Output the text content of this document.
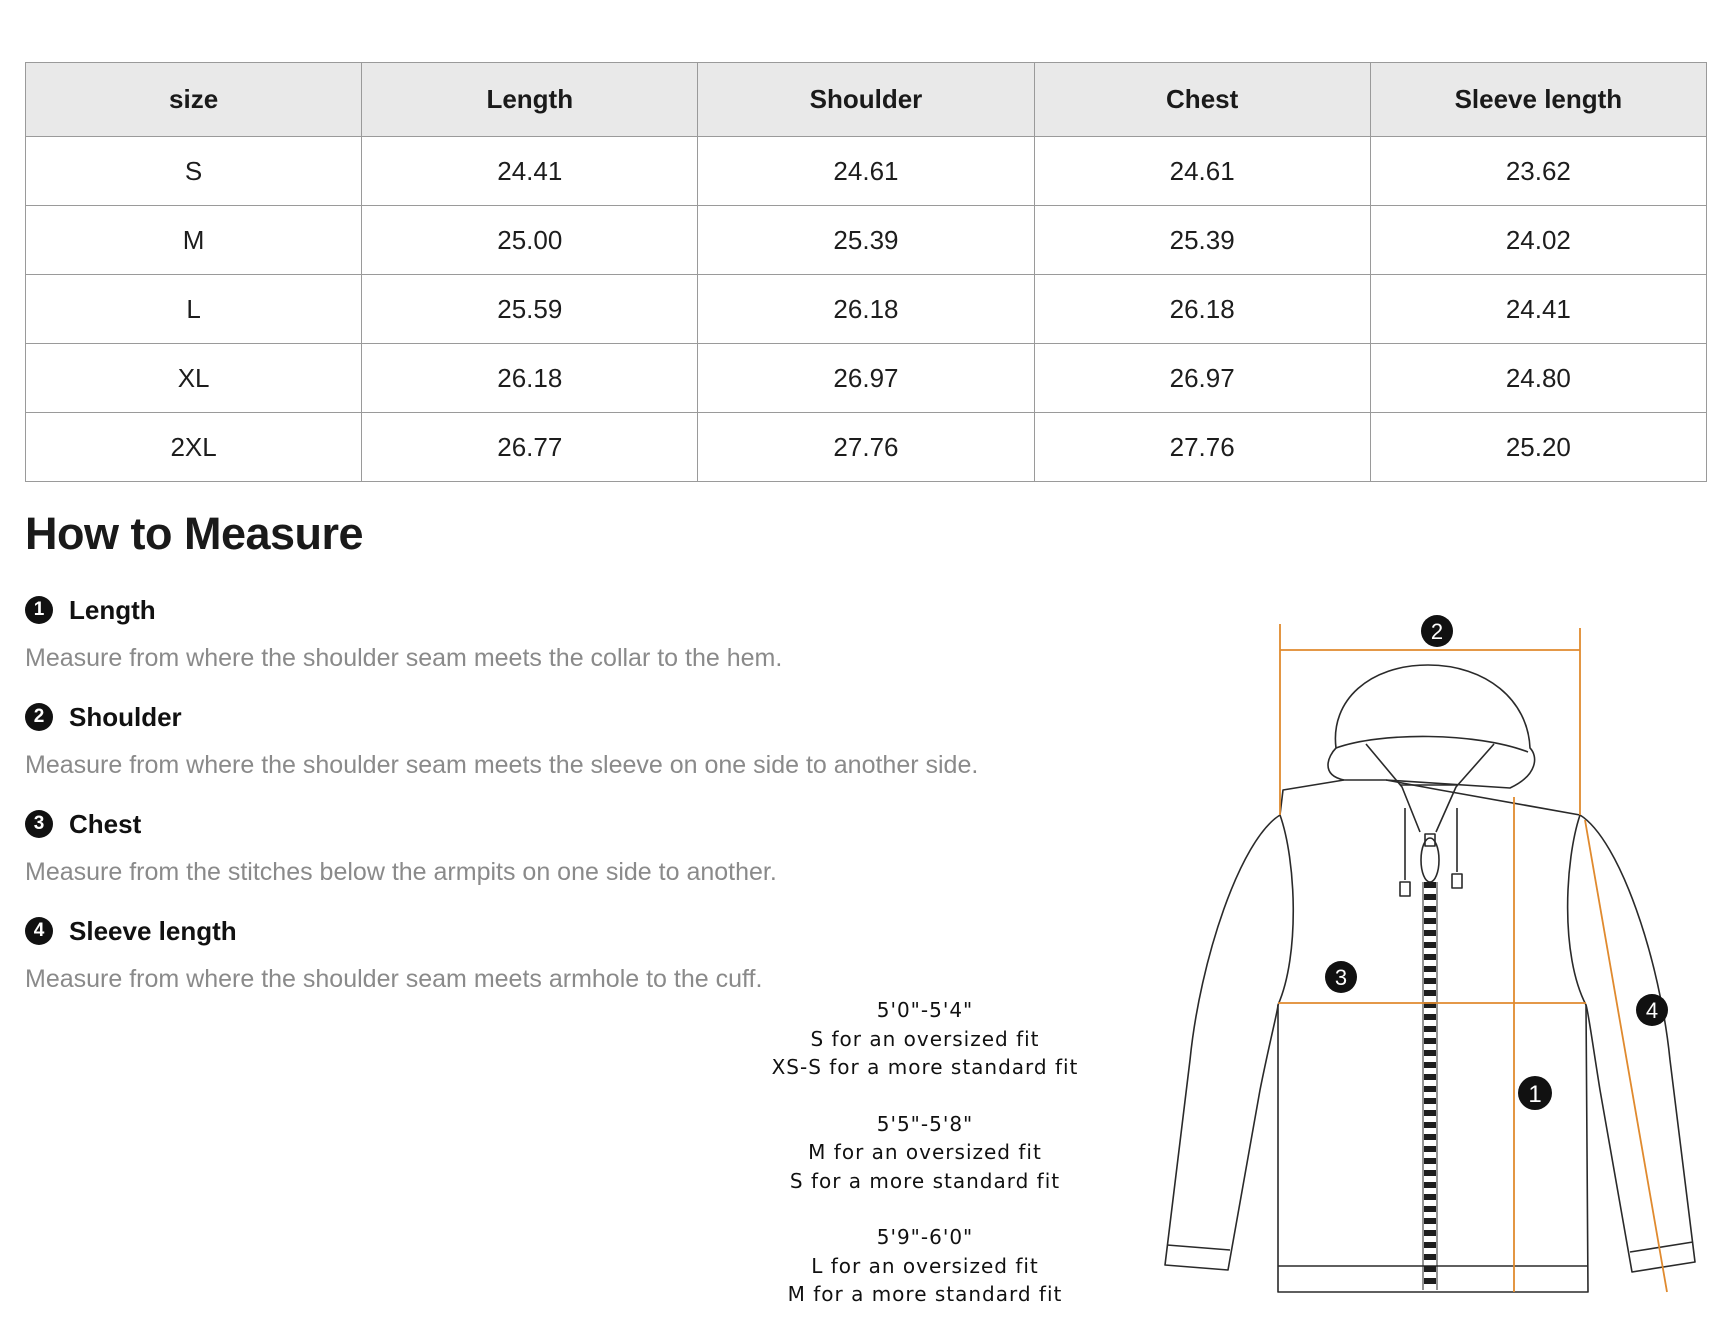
size	Length	Shoulder	Chest	Sleeve length
S	24.41	24.61	24.61	23.62
M	25.00	25.39	25.39	24.02
L	25.59	26.18	26.18	24.41
XL	26.18	26.97	26.97	24.80
2XL	26.77	27.76	27.76	25.20
How to Measure
1 Length
Measure from where the shoulder seam meets the collar to the hem.
2 Shoulder
Measure from where the shoulder seam meets the sleeve on one side to another side.
3 Chest
Measure from the stitches below the armpits on one side to another.
4 Sleeve length
Measure from where the shoulder seam meets armhole to the cuff.
5'0"-5'4"
S for an oversized fit
XS-S for a more standard fit
5'5"-5'8"
M for an oversized fit
S for a more standard fit
5'9"-6'0"
L for an oversized fit
M for a more standard fit
2
3
1
4
